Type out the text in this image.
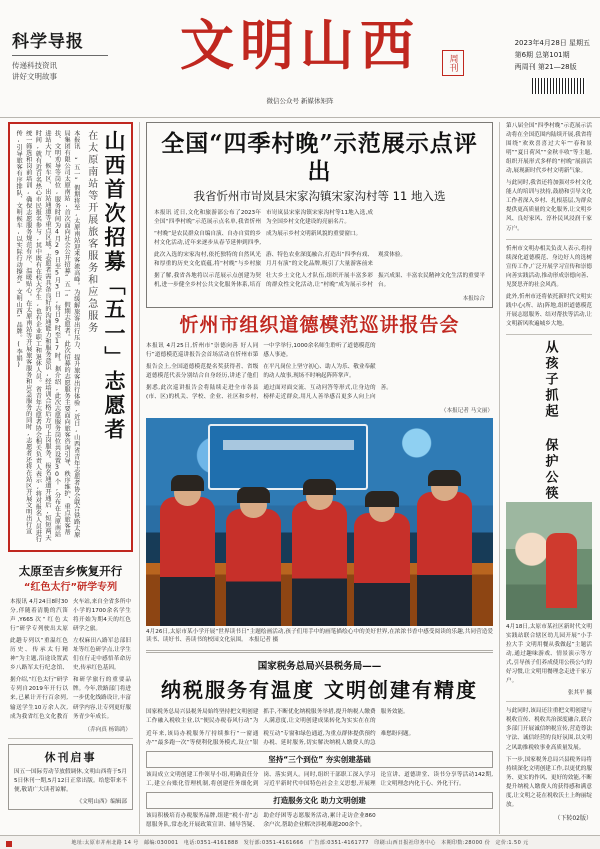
科学导报
传递科技资讯
讲好文明故事	文明山西	周刊
2023年4月28日 星期五
第6期 总第101期
两周刊 第21—28版
微信公众号 新媒体矩阵
山西首次招募「五一」志愿者
在太原南站等开展旅客服务和应急服务
本报讯 “五一”假期将至,太原南站迎来客流高峰。为缓解旅客出行压力、提升旅客出行体验,近日,山西省青年志愿者协会联合铁路太原局集团有限公司太原南站,首次面向社会公开招募“五一”假期志愿者。此次招募的志愿服务主要面向旅客咨询引导、秩序维护、重点旅客帮扶、文明劝导等岗位,服务时间为4月29日至5月3日,每日9时至17时。据介绍,此次志愿服务岗位共设置30个,分布在太原南站进站大厅、候车区、出站通道等重点区域。志愿者需具备良好的沟通能力和服务意识,经培训合格后方可上岗服务。报名通道开通后,短短两天时间,就有近百名热心市民报名参与,其中既有在校大学生,也有企业职工和退休人员。省青年志愿者协会相关负责人表示,将对报名人员进行统一筛选和岗前培训,确保志愿服务规范有序、温暖贴心。在太原南站等开展旅客服务和应急服务的同时,志愿者还将在站区开展文明出行宣传,引导旅客有序排队、文明候车,以实际行动擦亮“文明山西”品牌。(李娟)
太原至吉乡恢复开行
“红色太行”研学专列

本报讯 4月24日8时30分,伴随着清脆的汽笛声,Y665次“红色太行”研学专列驶出太原火车站,来自全省多所中小学的1700余名学生将开始为期4天的红色研学之旅。

此趟专列以“重温红色历史、传承太行精神”为主题,沿途设置武乡八路军太行纪念馆、左权麻田八路军总部旧址等红色研学点,让学生们在行走中感悟革命历史,传承红色基因。

据介绍,“红色太行”研学专列自2019年开行以来,已累计开行百余列,输送学生10万余人次,成为我省红色文化教育和研学旅行的重要品牌。今年,铁路部门将进一步优化线路设计,丰富研学内容,让专列更好服务青少年成长。

（乔向真 杨锦鸿）
休刊启事
因五一国际劳动节放假调休,文明山西将于5月5日休刊一期,5月12日正常出版。给您带来不便,敬请广大读者谅解。
《文明山西》编辑部
全国“四季村晚”示范展示点评出
我省忻州市岢岚县宋家沟镇宋家沟村等 11 地入选

本报讯 近日,文化和旅游部公布了2023年全国“四季村晚”示范展示点名单,我省忻州市岢岚县宋家沟镇宋家沟村等11地入选,成为全国乡村文化建设的亮丽名片。

“村晚”是农民群众自编自演、自办自赏的乡村文化活动,近年来逐步从春节延伸到四季,成为展示乡村文明新风貌的重要窗口。

此次入选的宋家沟村,依托独特的自然风光和厚重的历史文化底蕴,将“村晚”与乡村旅游、特色农业深度融合,打造出“四季有戏、月月有演”的文化品牌,吸引了大量游客前来观赏体验。

据了解,我省各地将以示范展示点创建为契机,进一步健全乡村公共文化服务体系,培育壮大乡土文化人才队伍,组织开展丰富多彩的群众性文化活动,让“村晚”成为展示乡村振兴成果、丰富农民精神文化生活的重要平台。

本报综合
忻州市组织道德模范巡讲报告会

本报讯 4月25日,忻州市“崇德向善 好人同行”道德模范巡讲报告会首场活动在忻州市第一中学举行,1000余名师生聆听了道德模范的感人事迹。

报告会上,全国道德模范提名奖获得者、省级道德模范代表分别结合自身经历,讲述了他们在平凡岗位上坚守初心、助人为乐、敬业奉献的动人故事,现场不时响起阵阵掌声。

据悉,此次巡讲报告会将陆续走进全市各县(市、区)的机关、学校、企业、社区和乡村,通过面对面交流、互动问答等形式,让身边的榜样走近群众,用凡人善举感召更多人向上向善。

（本报记者 马文丽）
4月26日,太原市某小学开展“世界读书日”主题绘画活动,孩子们用手中的画笔描绘心中的美好世界,在浓浓书香中感受阅读的乐趣,共同营造爱读书、读好书、善读书的校园文化氛围。 本报记者 摄
国家税务总局兴县税务局——
纳税服务有温度 文明创建有精度

国家税务总局兴县税务局始终坚持把文明创建工作融入税收主业,以“便民办税春风行动”为抓手,不断优化纳税服务举措,提升纳税人缴费人满意度,让文明创建成果转化为实实在在的服务效能。

近年来,该局办税服务厅持续推行“一窗通办”“最多跑一次”等便利化服务模式,设立“银税互动”专窗和绿色通道,为重点群体提供预约办税、延时服务,切实解决纳税人缴费人的急难愁盼问题。

坚持“三个到位” 夯实创建基础

该局成立文明创建工作领导小组,明确责任分工,建立台账化管理机制,将创建任务细化到岗、落实到人。同时,组织干部职工深入学习习近平新时代中国特色社会主义思想,开展理论宣讲、道德讲堂、读书分享等活动142期,让文明理念内化于心、外化于行。

打造服务文化 助力文明创建

该局积极培育办税服务品牌,组建“税小青”志愿服务队,常态化开展政策宣讲、辅导答疑、助企纾困等志愿服务活动,累计走访企业860余户次,帮助企业解决涉税难题200余个。

第八届全国“四季村晚”示范展示活动将在全国范围内陆续开展,我省将围绕“欢欢喜喜过大年”“春和景明”“夏日荷风”“金秋丰收”等主题,组织开展形式多样的“村晚”展演活动,展现新时代乡村文明新气象。

与此同时,我省还将加强对乡村文化能人的培训与扶持,鼓励和引导文化工作者深入乡村、扎根基层,为群众提供更高质量的文化服务,让文明乡风、良好家风、淳朴民风浸润千家万户。

忻州市文明办相关负责人表示,将持续深化道德模范、身边好人的选树宣传工作,广泛开展学习宣传和崇德向善实践活动,推动形成崇德向善、见贤思齐的社会风尚。

此外,忻州市还将依托新时代文明实践中心(所、站)阵地,组织道德模范开展志愿服务、结对帮扶等活动,让文明新风吹遍城乡大地。

从孩子抓起 保护公筷
4月18日,太原市某社区新时代文明实践站联合辖区幼儿园开展“小手拉大手 文明用餐从我做起”主题活动,通过趣味游戏、情景演示等方式,引导孩子们养成使用公筷公勺的好习惯,让文明用餐理念走进千家万户。
张其平 摄

与此同时,该局还注重把文明创建与税收宣传、税收共治深度融合,联合多部门开展诚信纳税宣传,营造尊法守法、诚信经营的良好氛围,以文明之风助推税收事业高质量发展。

下一步,国家税务总局兴县税务局将持续深化文明创建工作,以更优的服务、更实的作风、更好的效能,不断提升纳税人缴费人的获得感和满意度,让文明之花在税收沃土上绚丽绽放。

（下转02版）
地址:太原市并州北路 14 号　邮编:030001　电话:0351-4161888　发行部:0351-4161666　广告部:0351-4161777　印刷:山西日报社印务中心　本期印数:28000 份　定价:1.50 元
